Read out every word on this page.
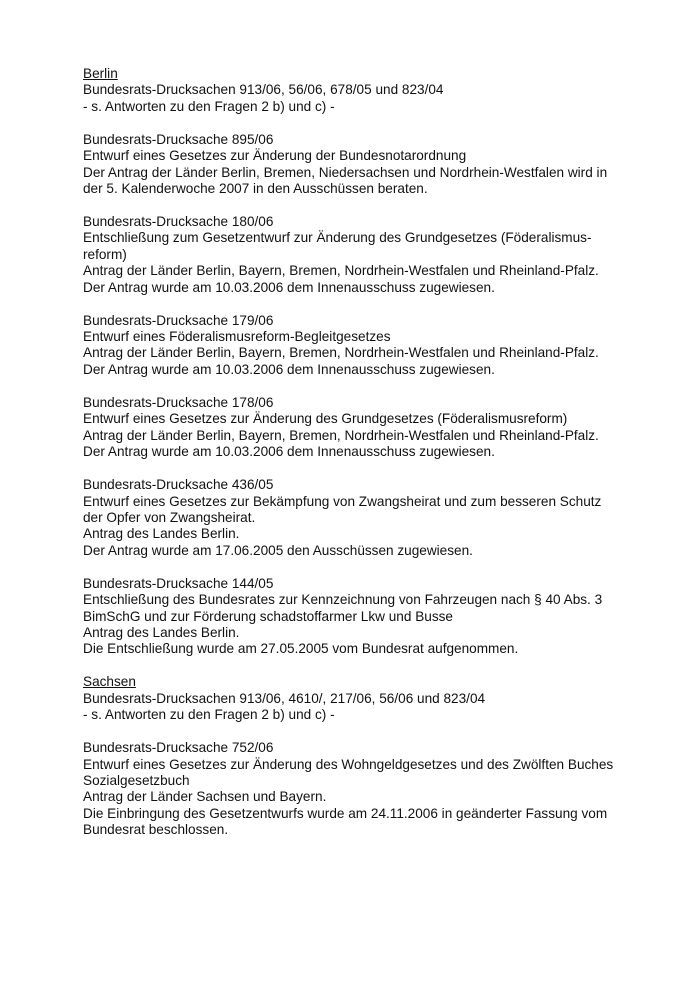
Berlin

Bundesrats-Drucksachen 913/06, 56/06, 678/05 und 823/04

- s. Antworten zu den Fragen 2 b) und c) -

Bundesrats-Drucksache 895/06

Entwurf eines Gesetzes zur Änderung der Bundesnotarordnung

Der Antrag der Länder Berlin, Bremen, Niedersachsen und Nordrhein-Westfalen wird in der 5. Kalenderwoche 2007 in den Ausschüssen beraten.

Bundesrats-Drucksache 180/06

Entschließung zum Gesetzentwurf zur Änderung des Grundgesetzes (Föderalismus-reform)

Antrag der Länder Berlin, Bayern, Bremen, Nordrhein-Westfalen und Rheinland-Pfalz.

Der Antrag wurde am 10.03.2006 dem Innenausschuss zugewiesen.

Bundesrats-Drucksache 179/06

Entwurf eines Föderalismusreform-Begleitgesetzes

Antrag der Länder Berlin, Bayern, Bremen, Nordrhein-Westfalen und Rheinland-Pfalz.

Der Antrag wurde am 10.03.2006 dem Innenausschuss zugewiesen.

Bundesrats-Drucksache 178/06

Entwurf eines Gesetzes zur Änderung des Grundgesetzes (Föderalismusreform)

Antrag der Länder Berlin, Bayern, Bremen, Nordrhein-Westfalen und Rheinland-Pfalz.

Der Antrag wurde am 10.03.2006 dem Innenausschuss zugewiesen.

Bundesrats-Drucksache 436/05

Entwurf eines Gesetzes zur Bekämpfung von Zwangsheirat und zum besseren Schutz der Opfer von Zwangsheirat.

Antrag des Landes Berlin.

Der Antrag wurde am 17.06.2005 den Ausschüssen zugewiesen.

Bundesrats-Drucksache 144/05

Entschließung des Bundesrates zur Kennzeichnung von Fahrzeugen nach § 40 Abs. 3 BimSchG und zur Förderung schadstoffarmer Lkw und Busse

Antrag des Landes Berlin.

Die Entschließung wurde am 27.05.2005 vom Bundesrat aufgenommen.

Sachsen

Bundesrats-Drucksachen 913/06, 4610/, 217/06, 56/06 und 823/04

- s. Antworten zu den Fragen 2 b) und c) -

Bundesrats-Drucksache 752/06

Entwurf eines Gesetzes zur Änderung des Wohngeldgesetzes und des Zwölften Buches Sozialgesetzbuch

Antrag der Länder Sachsen und Bayern.

Die Einbringung des Gesetzentwurfs wurde am 24.11.2006 in geänderter Fassung vom Bundesrat beschlossen.
